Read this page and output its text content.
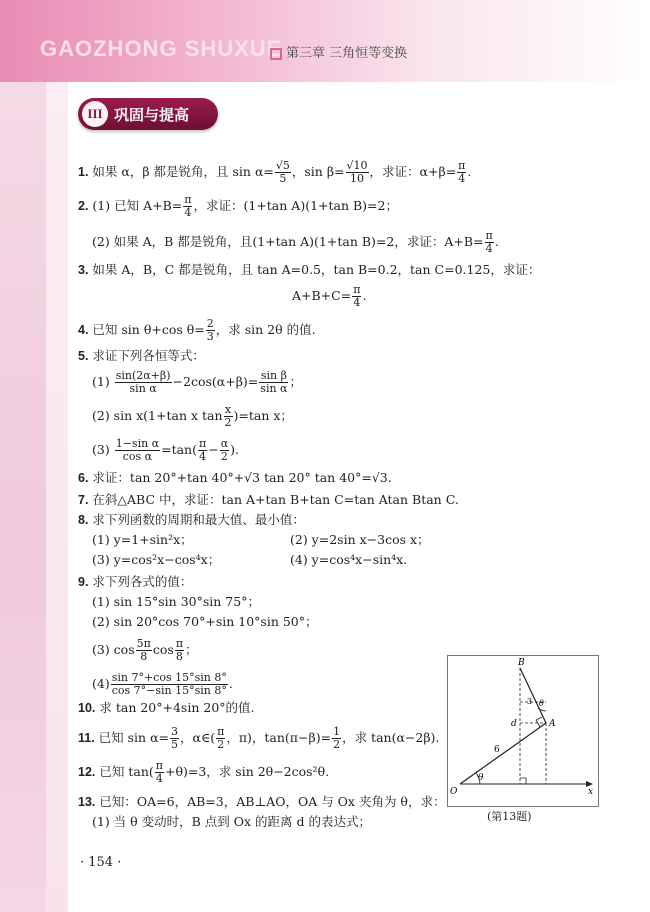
GAOZHONG SHUXUE 第三章 三角恒等变换
III 巩固与提高
1. 如果 α，β 都是锐角，且 $\sin \alpha= \frac{√5}{5}$ ，$\sin \beta= \frac{√10}{10}$ ，求证：$\alpha+\beta= \frac{\pi}{4}$ .
2. (1) 已知 $A+B= \frac{\pi}{4}$ ，求证：(1+tan A)(1+tan B)=2；
(2) 如果 A，B 都是锐角，且(1+tan A)(1+tan B)=2，求证：$A+B= \frac{\pi}{4}$ .
3. 如果 A，B，C 都是锐角，且 tan A=0.5，tan B=0.2，tan C=0.125，求证：
$A+B+C= \frac{\pi}{4}$ .
4. 已知 sin θ+cos $\theta= \frac{2}{3}$ ，求 sin 2θ 的值.
5. 求证下列各恒等式：
$(1) \frac{\sin(2\alpha+\beta)}{\text{sin α}} -2\cos(\alpha+\beta)= \frac{\text{sin β}}{\text{sin α}}$ ；
(2) sin x(1+tan x $\tan \frac{x}{2} )=\tan$ x；
$(3) \frac{\text{1−sin α}}{\text{cos α}} =\tan( \frac{\pi}{4} - \frac{\alpha}{2}$ ).
6. 求证：tan 20°+tan 40°+√3 tan 20° tan 40°=√3.
7. 在斜△ABC 中，求证：tan A+tan B+tan C=tan Atan Btan C.
8. 求下列函数的周期和最大值、最小值：
(1) y=1+sin²x；	(2) y=2sin x−3cos x；
(3) y=cos²x−cos⁴x；	(4) y=cos⁴x−sin⁴x.
9. 求下列各式的值：
(1) sin 15°sin 30°sin 75°；
(2) sin 20°cos 70°+sin 10°sin 50°；
(3) $\cos \frac{5\pi}{8}$ $\cos \frac{\pi}{8}$ ；
$(4) \frac{\sin 7^\circ+\cos 15^\circ\sin 8^\circ}{\cos 7^\circ-\sin 15^\circ\sin 8^\circ}$ .
10. 求 tan 20°+4sin 20°的值.
11. 已知 $\sin \alpha= \frac{3}{5}$ ，α∈( $\frac{\pi}{2}$ ，π)，$\tan(\pi-\beta)= \frac{1}{2}$ ，求 tan(α−2β).
12. 已知 $\tan( \frac{\pi}{4} +\theta)=3$，求 sin 2θ−2cos²θ.
13. 已知：OA=6，AB=3，AB⊥AO，OA 与 Ox 夹角为 θ，求：
(1) 当 θ 变动时，B 点到 Ox 的距离 d 的表达式；
B
A
O	x
d
θ
θ
3
6
(第13题)
· 154 ·
